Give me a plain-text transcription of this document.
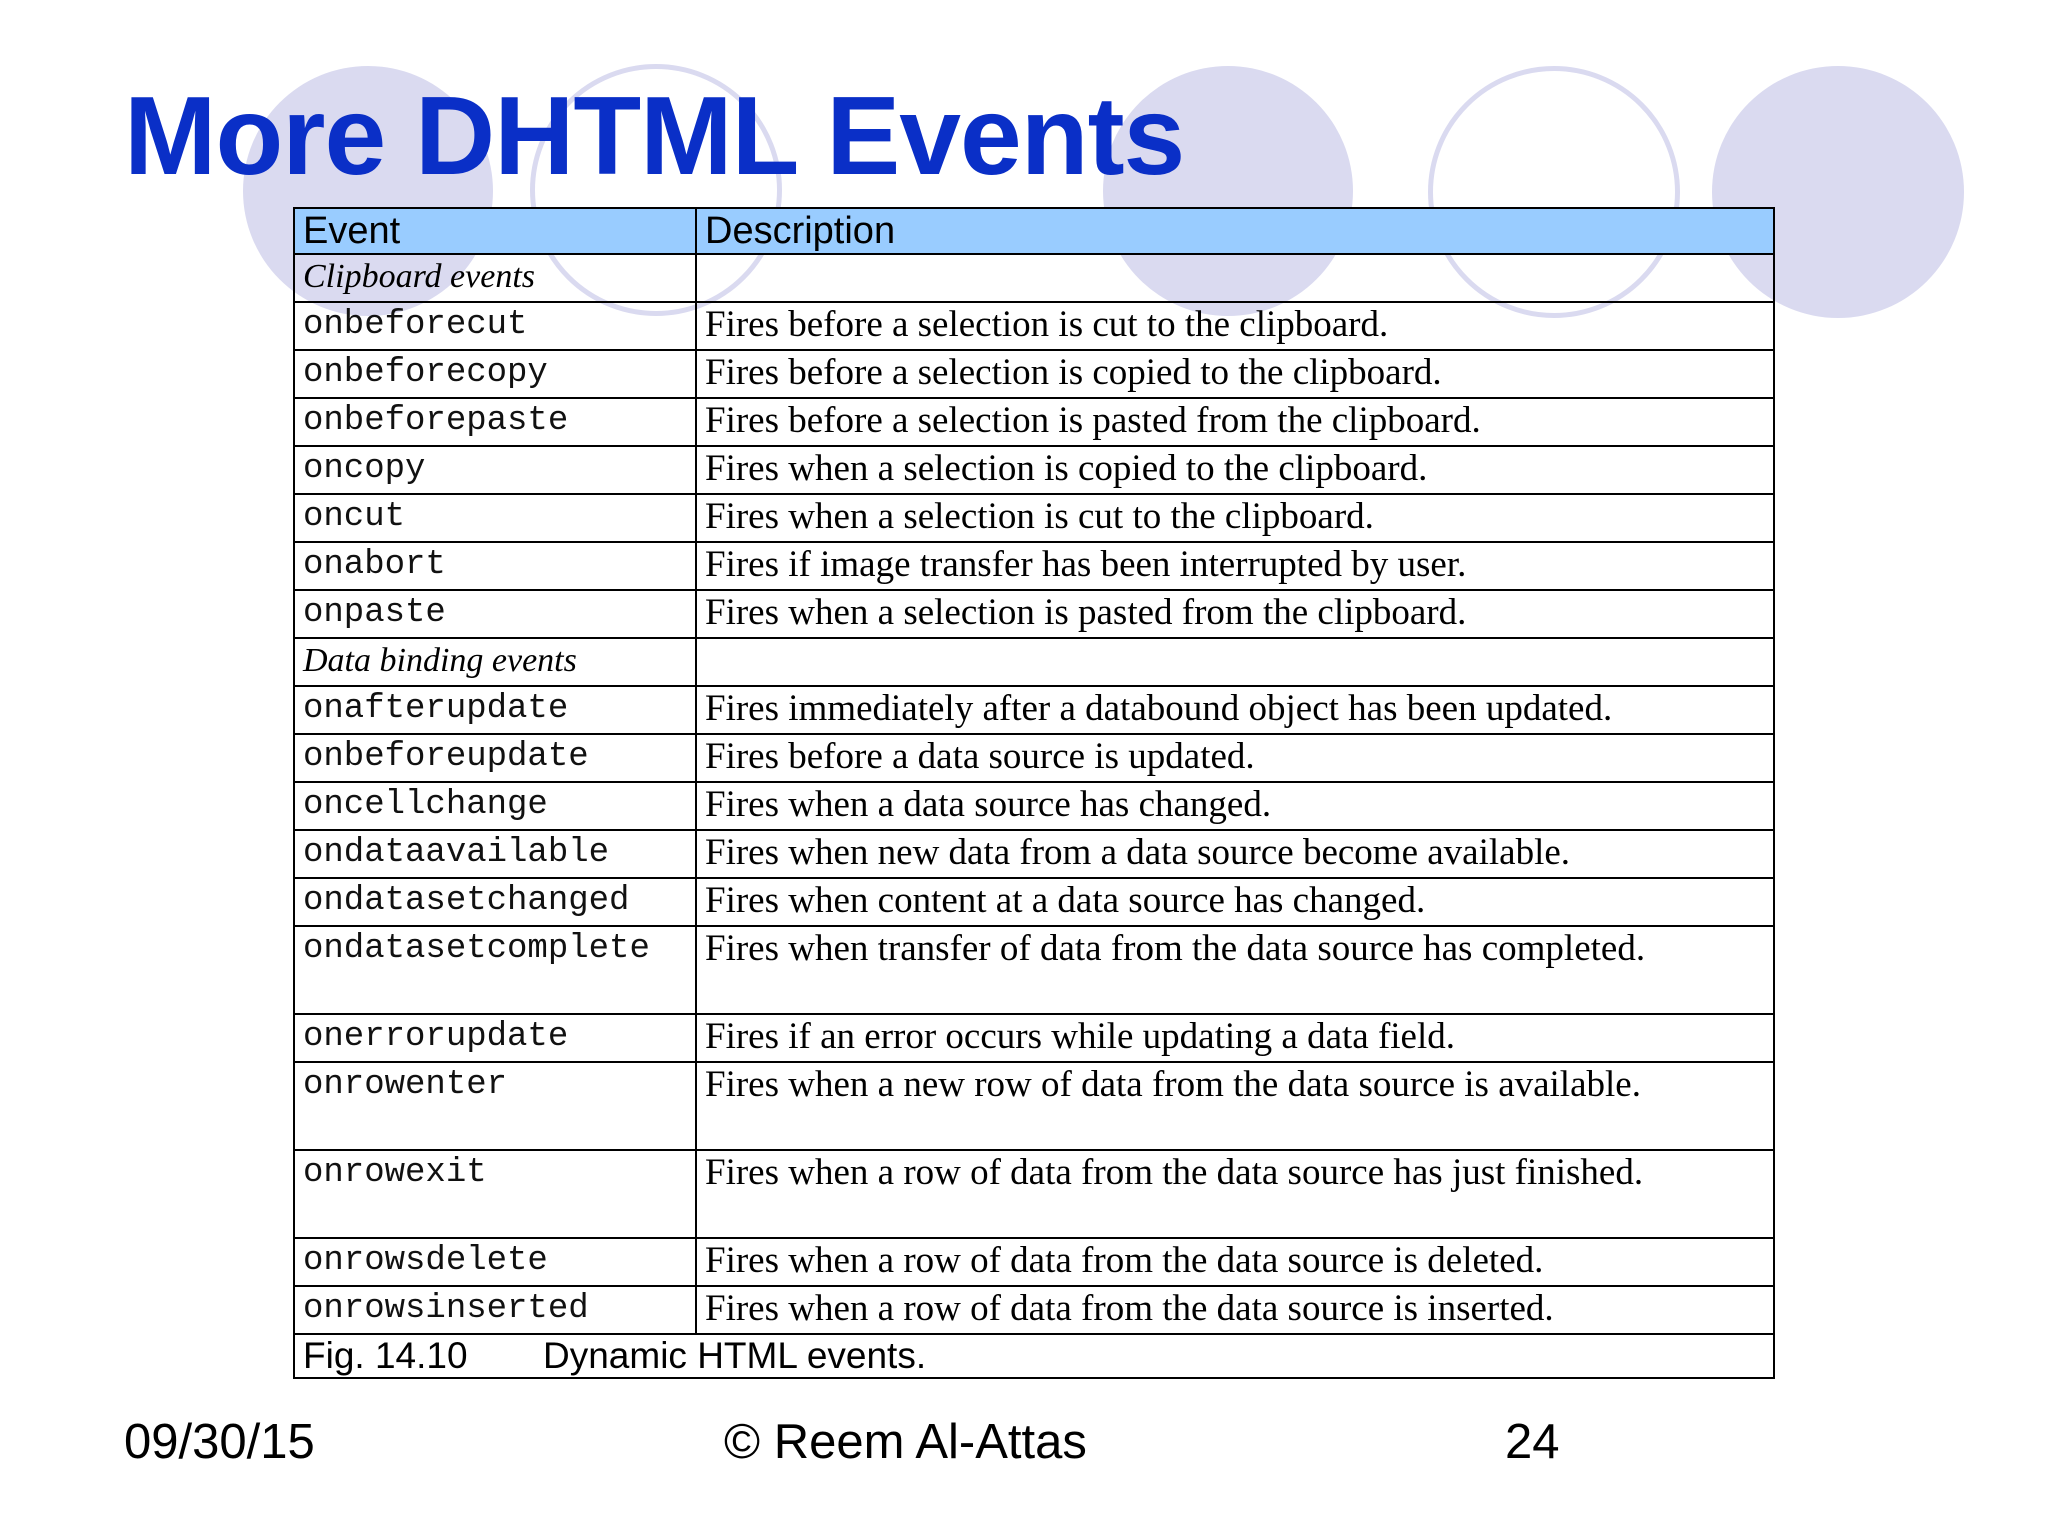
More DHTML Events
Event	Description
Clipboard events	
onbeforecut	Fires before a selection is cut to the clipboard.
onbeforecopy	Fires before a selection is copied to the clipboard.
onbeforepaste	Fires before a selection is pasted from the clipboard.
oncopy	Fires when a selection is copied to the clipboard.
oncut	Fires when a selection is cut to the clipboard.
onabort	Fires if image transfer has been interrupted by user.
onpaste	Fires when a selection is pasted from the clipboard.
Data binding events	
onafterupdate	Fires immediately after a databound object has been updated.
onbeforeupdate	Fires before a data source is updated.
oncellchange	Fires when a data source has changed.
ondataavailable	Fires when new data from a data source become available.
ondatasetchanged	Fires when content at a data source has changed.
ondatasetcomplete	Fires when transfer of data from the data source has completed.
onerrorupdate	Fires if an error occurs while updating a data field.
onrowenter	Fires when a new row of data from the data source is available.
onrowexit	Fires when a row of data from the data source has just finished.
onrowsdelete	Fires when a row of data from the data source is deleted.
onrowsinserted	Fires when a row of data from the data source is inserted.
Fig. 14.10 Dynamic HTML events.	
09/30/15	© Reem Al-Attas	24
